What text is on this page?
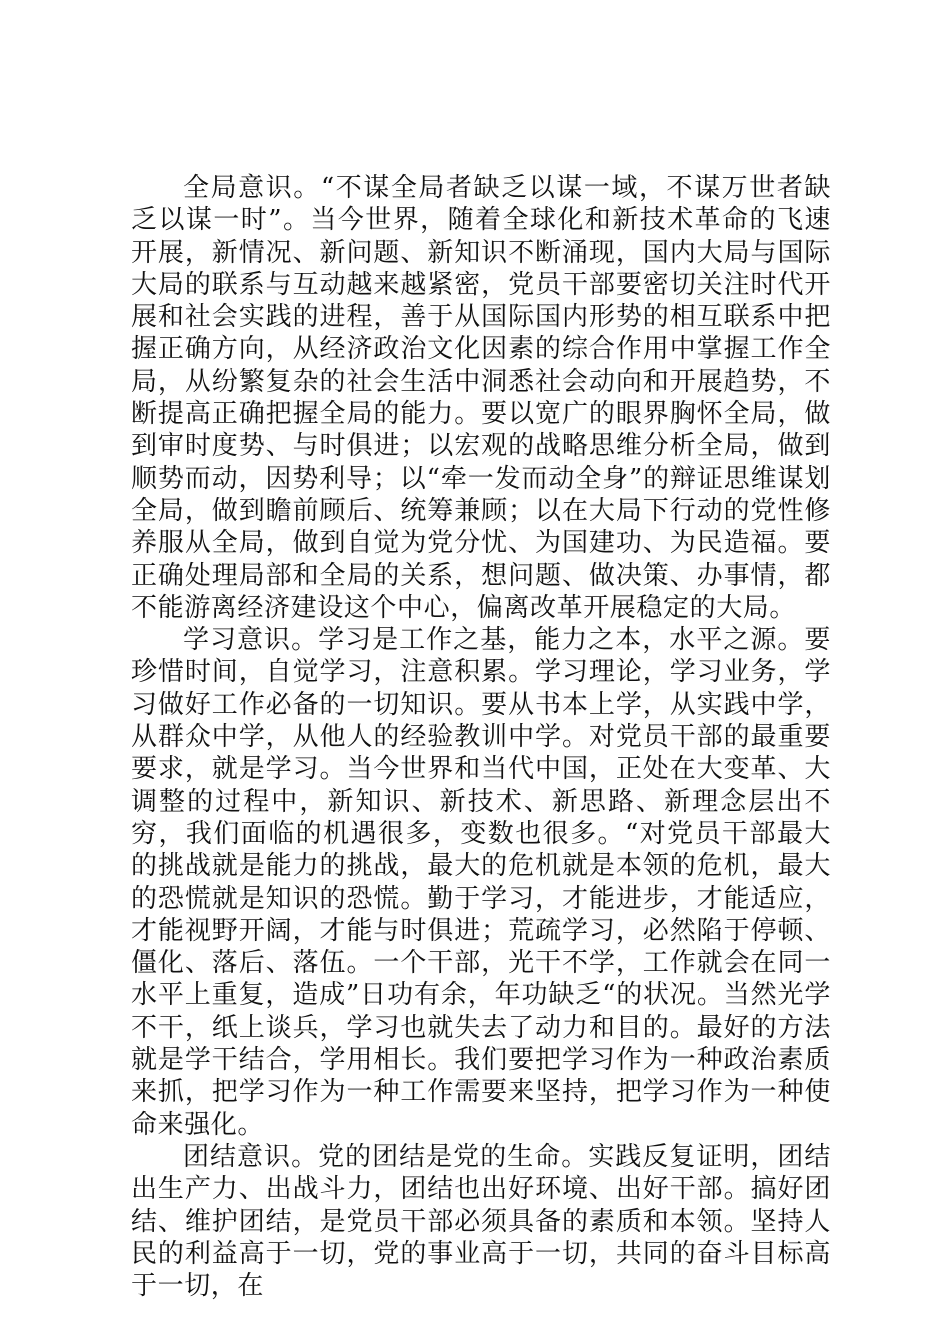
全局意识。“不谋全局者缺乏以谋一域，不谋万世者缺乏以谋一时”。当今世界，随着全球化和新技术革命的飞速开展，新情况、新问题、新知识不断涌现，国内大局与国际大局的联系与互动越来越紧密，党员干部要密切关注时代开展和社会实践的进程，善于从国际国内形势的相互联系中把握正确方向，从经济政治文化因素的综合作用中掌握工作全局，从纷繁复杂的社会生活中洞悉社会动向和开展趋势，不断提高正确把握全局的能力。要以宽广的眼界胸怀全局，做到审时度势、与时俱进；以宏观的战略思维分析全局，做到顺势而动，因势利导；以“牵一发而动全身”的辩证思维谋划全局，做到瞻前顾后、统筹兼顾；以在大局下行动的党性修养服从全局，做到自觉为党分忧、为国建功、为民造福。要正确处理局部和全局的关系，想问题、做决策、办事情，都不能游离经济建设这个中心，偏离改革开展稳定的大局。

学习意识。学习是工作之基，能力之本，水平之源。要珍惜时间，自觉学习，注意积累。学习理论，学习业务，学习做好工作必备的一切知识。要从书本上学，从实践中学，从群众中学，从他人的经验教训中学。对党员干部的最重要要求，就是学习。当今世界和当代中国，正处在大变革、大调整的过程中，新知识、新技术、新思路、新理念层出不穷，我们面临的机遇很多，变数也很多。“对党员干部最大的挑战就是能力的挑战，最大的危机就是本领的危机，最大的恐慌就是知识的恐慌。勤于学习，才能进步，才能适应，才能视野开阔，才能与时俱进；荒疏学习，必然陷于停顿、僵化、落后、落伍。一个干部，光干不学，工作就会在同一水平上重复，造成”日功有余，年功缺乏“的状况。当然光学不干，纸上谈兵，学习也就失去了动力和目的。最好的方法就是学干结合，学用相长。我们要把学习作为一种政治素质来抓，把学习作为一种工作需要来坚持，把学习作为一种使命来强化。

团结意识。党的团结是党的生命。实践反复证明，团结出生产力、出战斗力，团结也出好环境、出好干部。搞好团结、维护团结，是党员干部必须具备的素质和本领。坚持人民的利益高于一切，党的事业高于一切，共同的奋斗目标高于一切，在
